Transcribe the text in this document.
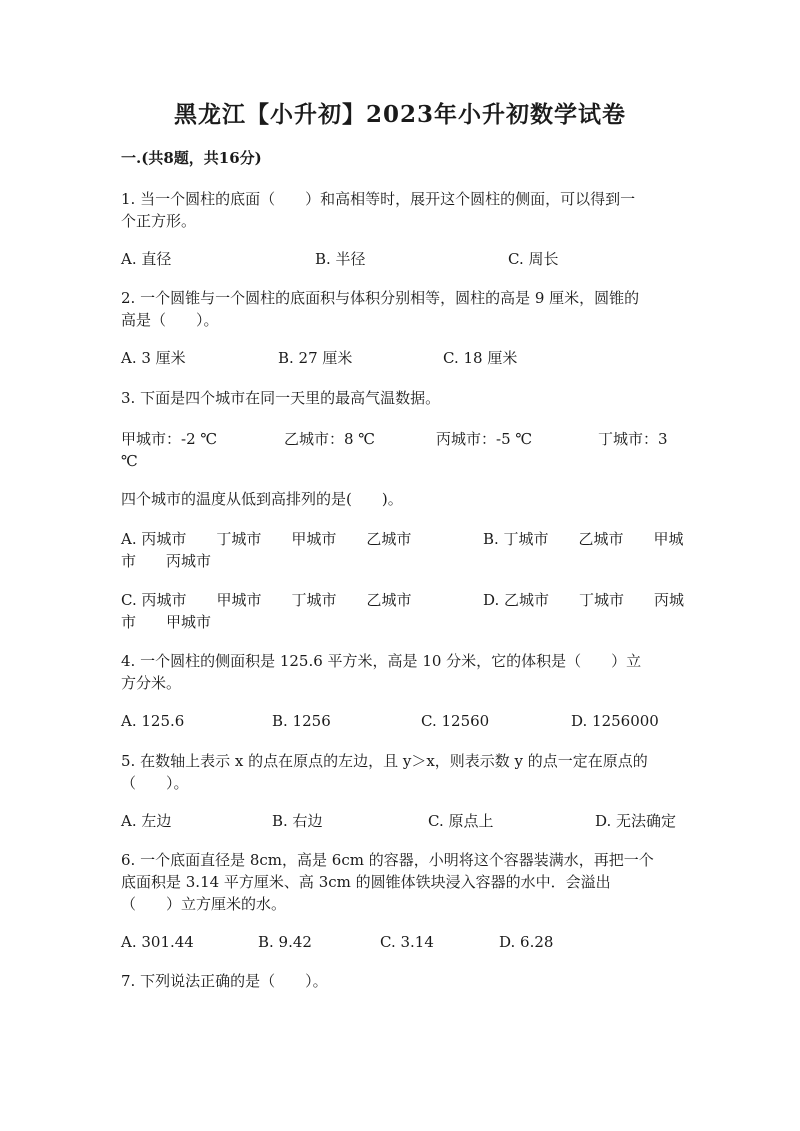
黑龙江【小升初】2023年小升初数学试卷
一.(共8题，共16分)
1. 当一个圆柱的底面（　　）和高相等时，展开这个圆柱的侧面，可以得到一
个正方形。
A. 直径	B. 半径	C. 周长
2. 一个圆锥与一个圆柱的底面积与体积分别相等，圆柱的高是 9 厘米，圆锥的
高是（　　）。
A. 3 厘米	B. 27 厘米	C. 18 厘米
3. 下面是四个城市在同一天里的最高气温数据。
甲城市：-2 ℃	乙城市：8 ℃	丙城市：-5 ℃	丁城市：3
℃
四个城市的温度从低到高排列的是(　　)。
A. 丙城市　　丁城市　　甲城市　　乙城市	B. 丁城市　　乙城市　　甲城
市　　丙城市
C. 丙城市　　甲城市　　丁城市　　乙城市	D. 乙城市　　丁城市　　丙城
市　　甲城市
4. 一个圆柱的侧面积是 125.6 平方米，高是 10 分米，它的体积是（　　）立
方分米。
A. 125.6	B. 1256	C. 12560	D. 1256000
5. 在数轴上表示 x 的点在原点的左边，且 y＞x，则表示数 y 的点一定在原点的
（　　）。
A. 左边	B. 右边	C. 原点上	D. 无法确定
6. 一个底面直径是 8cm，高是 6cm 的容器，小明将这个容器装满水，再把一个
底面积是 3.14 平方厘米、高 3cm 的圆锥体铁块浸入容器的水中．会溢出
（　　）立方厘米的水。
A. 301.44	B. 9.42	C. 3.14	D. 6.28
7. 下列说法正确的是（　　）。
